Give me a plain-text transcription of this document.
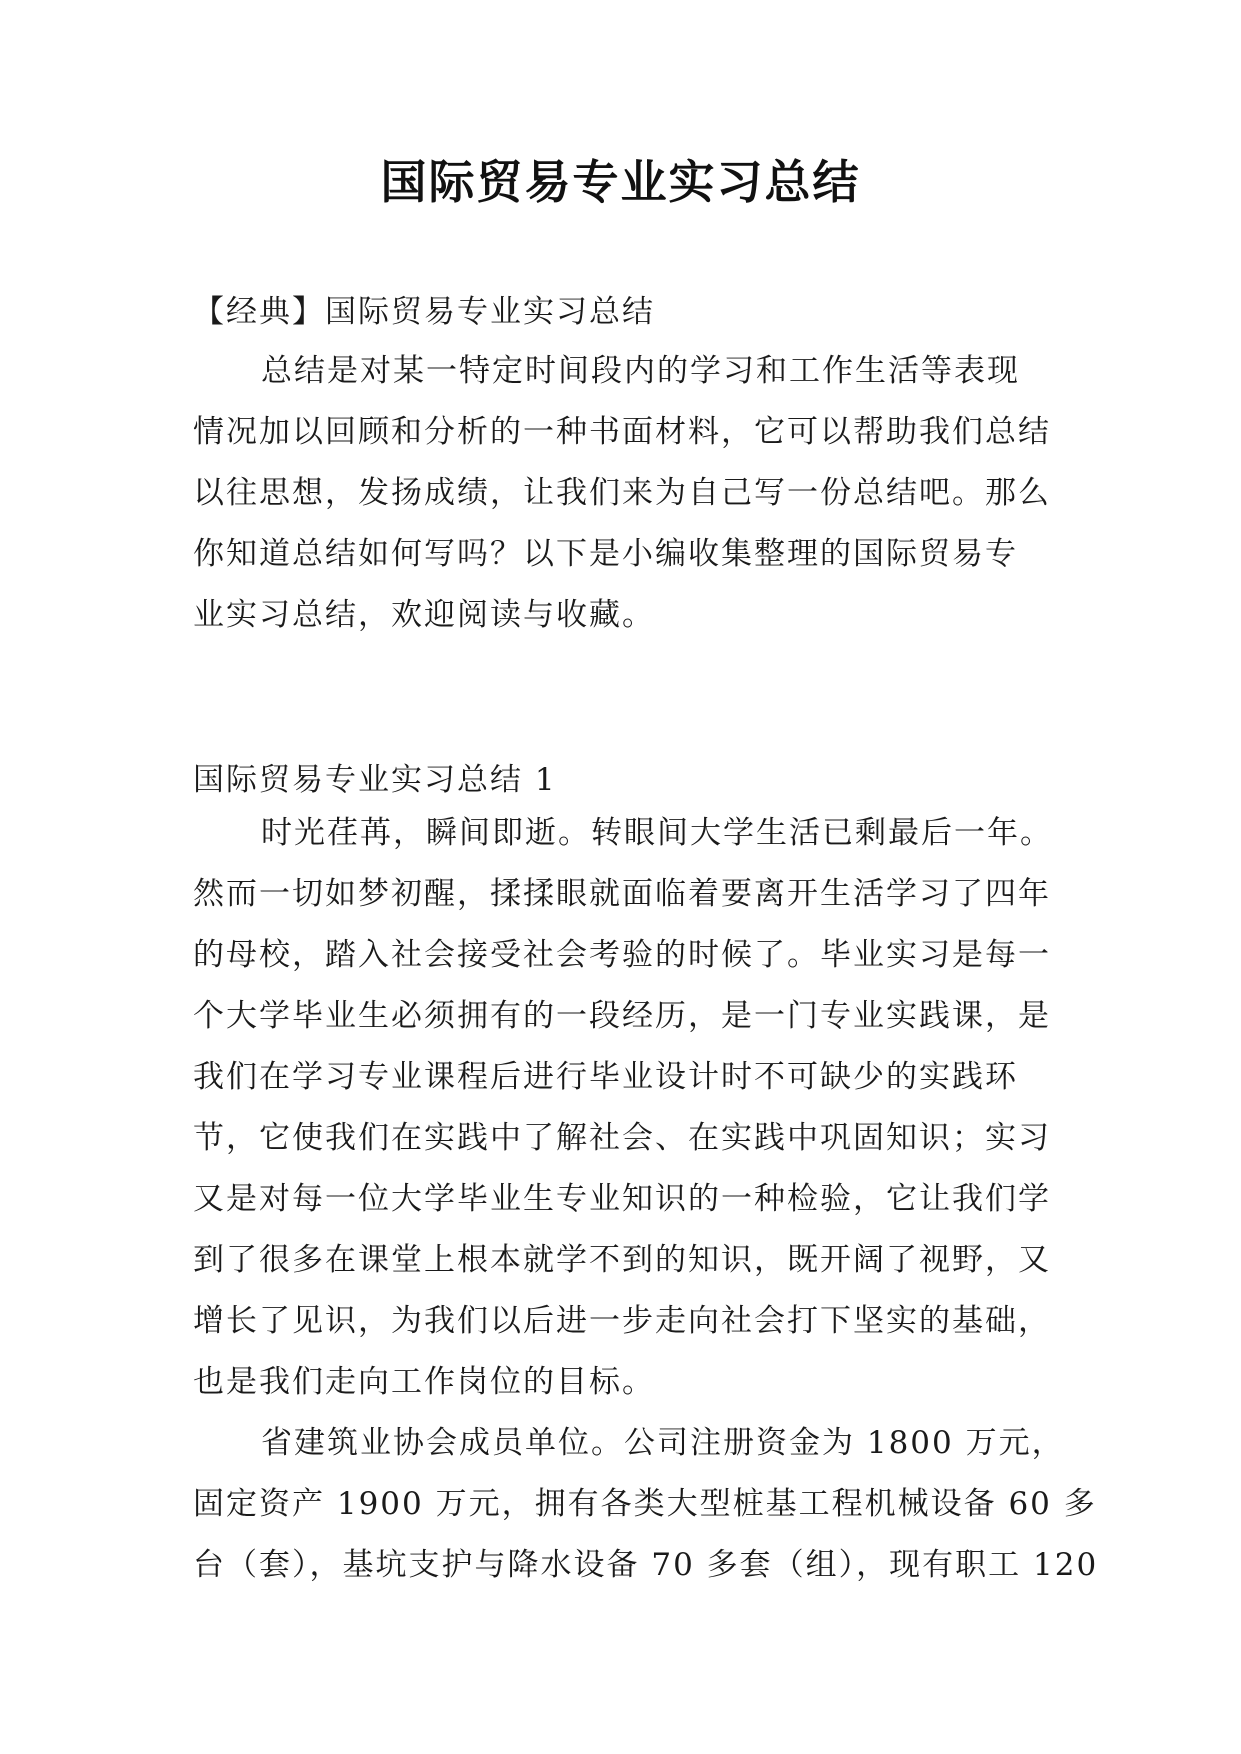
国际贸易专业实习总结
【经典】国际贸易专业实习总结
总结是对某一特定时间段内的学习和工作生活等表现
情况加以回顾和分析的一种书面材料，它可以帮助我们总结
以往思想，发扬成绩，让我们来为自己写一份总结吧。那么
你知道总结如何写吗？以下是小编收集整理的国际贸易专
业实习总结，欢迎阅读与收藏。
国际贸易专业实习总结 1
时光荏苒，瞬间即逝。转眼间大学生活已剩最后一年。
然而一切如梦初醒，揉揉眼就面临着要离开生活学习了四年
的母校，踏入社会接受社会考验的时候了。毕业实习是每一
个大学毕业生必须拥有的一段经历，是一门专业实践课，是
我们在学习专业课程后进行毕业设计时不可缺少的实践环
节，它使我们在实践中了解社会、在实践中巩固知识；实习
又是对每一位大学毕业生专业知识的一种检验，它让我们学
到了很多在课堂上根本就学不到的知识，既开阔了视野，又
增长了见识，为我们以后进一步走向社会打下坚实的基础，
也是我们走向工作岗位的目标。
省建筑业协会成员单位。公司注册资金为 1800 万元，
固定资产 1900 万元，拥有各类大型桩基工程机械设备 60 多
台（套），基坑支护与降水设备 70 多套（组），现有职工 120
